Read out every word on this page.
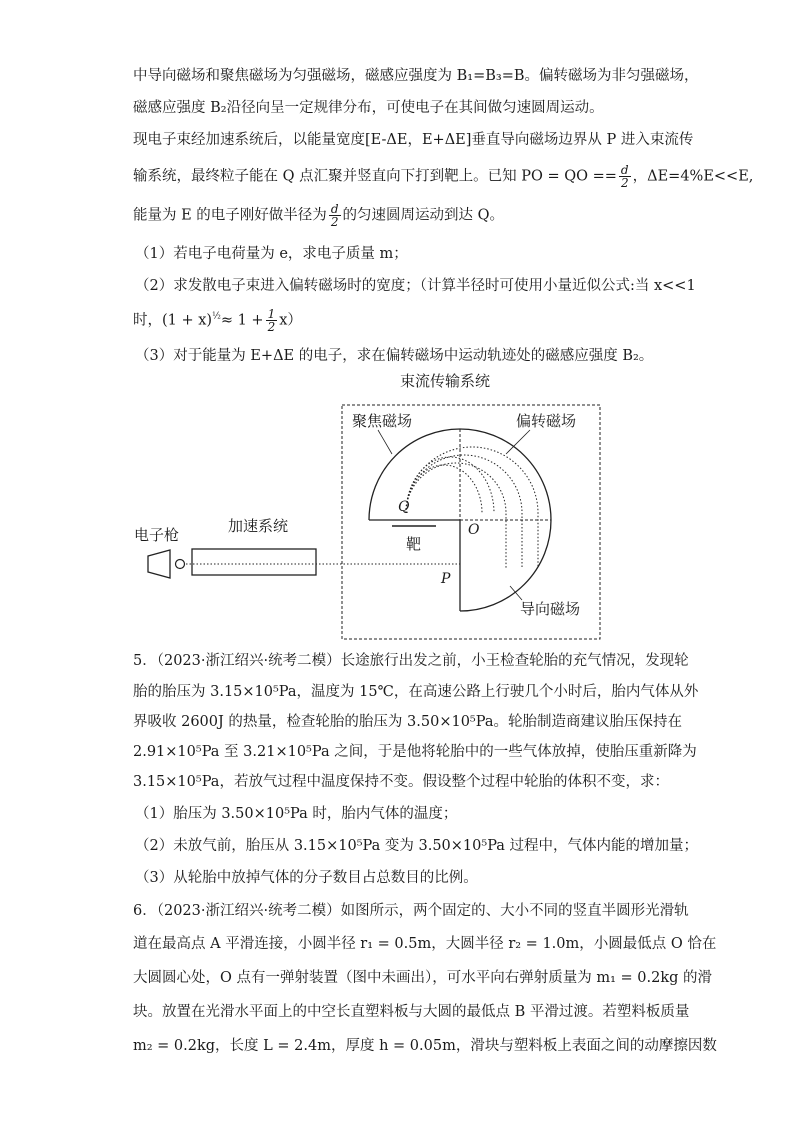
中导向磁场和聚焦磁场为匀强磁场，磁感应强度为 B₁=B₃=B。偏转磁场为非匀强磁场，
磁感应强度 B₂沿径向呈一定规律分布，可使电子在其间做匀速圆周运动。
现电子束经加速系统后，以能量宽度[E-ΔE，E+ΔE]垂直导向磁场边界从 P 进入束流传
输系统，最终粒子能在 Q 点汇聚并竖直向下打到靶上。已知 PO = QO == $\frac{d}{2}$ ，ΔE=4%E<<E,
能量为 E 的电子刚好做半径为 $\frac{d}{2}$ 的匀速圆周运动到达 Q。
（1）若电子电荷量为 e，求电子质量 m；
（2）求发散电子束进入偏转磁场时的宽度；（计算半径时可使用小量近似公式:当 x<<1
时，$(1 + x)^{\frac{1}{2}}\approx 1 + \frac{1}{2} x$）
（3）对于能量为 E+ΔE 的电子，求在偏转磁场中运动轨迹处的磁感应强度 B₂。
束流传输系统
聚焦磁场	偏转磁场
Q
O
靶
P
导向磁场
电子枪	加速系统
5．（2023·浙江绍兴·统考二模）长途旅行出发之前，小王检查轮胎的充气情况，发现轮
胎的胎压为 3.15×10⁵Pa，温度为 15℃，在高速公路上行驶几个小时后，胎内气体从外
界吸收 2600J 的热量，检查轮胎的胎压为 3.50×10⁵Pa。轮胎制造商建议胎压保持在
2.91×10⁵Pa 至 3.21×10⁵Pa 之间，于是他将轮胎中的一些气体放掉，使胎压重新降为
3.15×10⁵Pa，若放气过程中温度保持不变。假设整个过程中轮胎的体积不变，求：
（1）胎压为 3.50×10⁵Pa 时，胎内气体的温度；
（2）未放气前，胎压从 3.15×10⁵Pa 变为 3.50×10⁵Pa 过程中，气体内能的增加量；
（3）从轮胎中放掉气体的分子数目占总数目的比例。
6．（2023·浙江绍兴·统考二模）如图所示，两个固定的、大小不同的竖直半圆形光滑轨
道在最高点 A 平滑连接，小圆半径 r₁ = 0.5m，大圆半径 r₂ = 1.0m，小圆最低点 O 恰在
大圆圆心处，O 点有一弹射装置（图中未画出），可水平向右弹射质量为 m₁ = 0.2kg 的滑
块。放置在光滑水平面上的中空长直塑料板与大圆的最低点 B 平滑过渡。若塑料板质量
m₂ = 0.2kg，长度 L = 2.4m，厚度 h = 0.05m，滑块与塑料板上表面之间的动摩擦因数
